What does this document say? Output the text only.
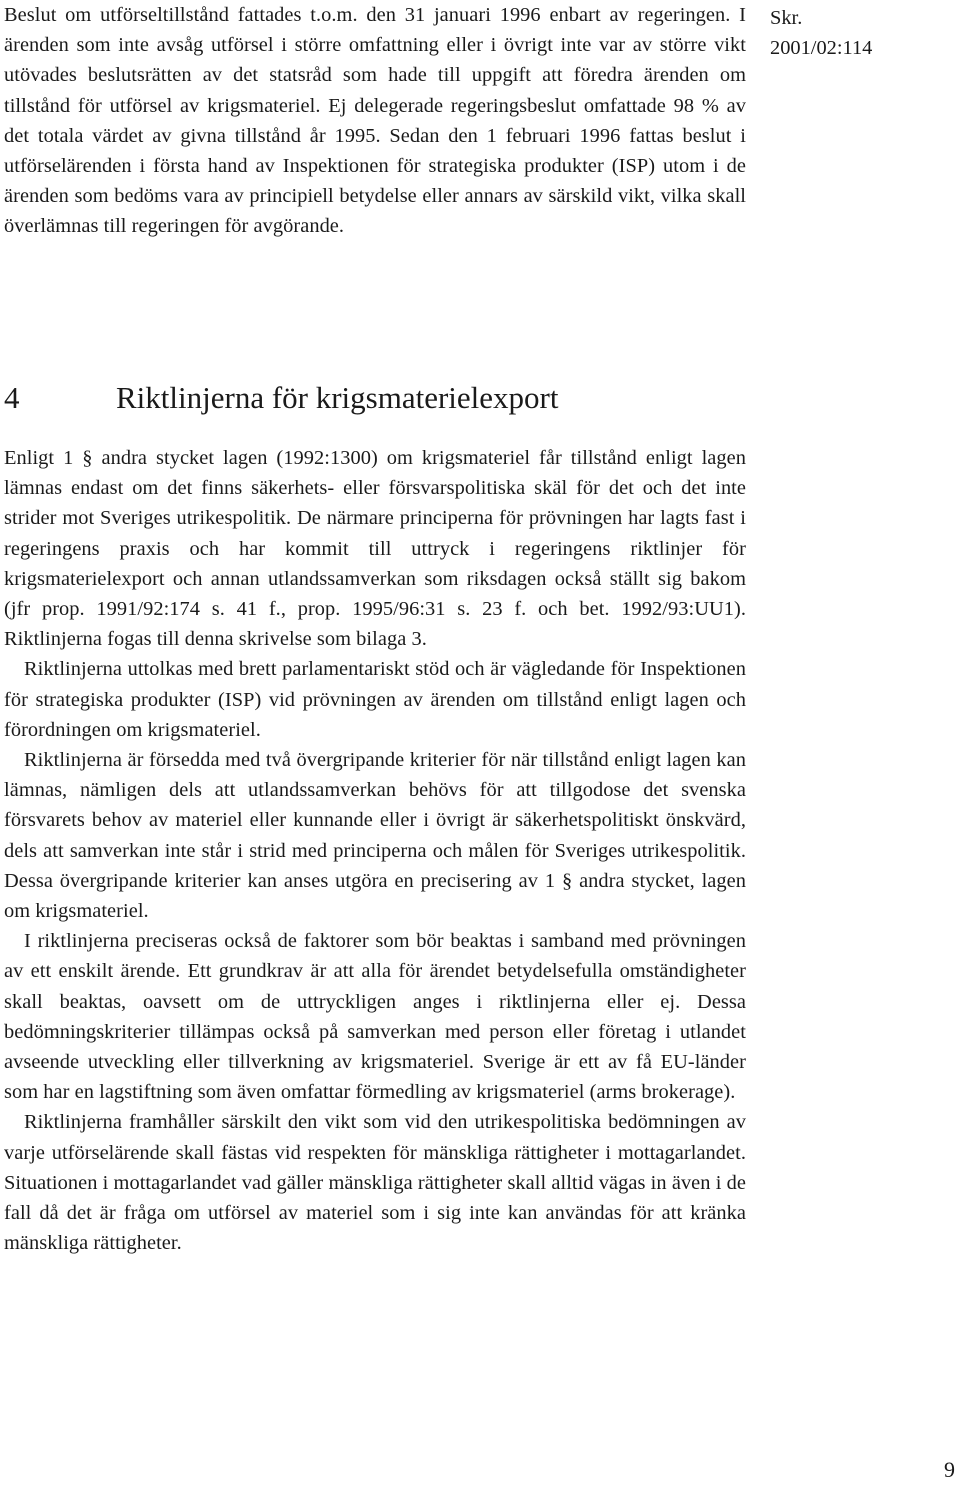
Skr.
2001/02:114

Beslut om utförseltillstånd fattades t.o.m. den 31 januari 1996 enbart av regeringen. I ärenden som inte avsåg utförsel i större omfattning eller i övrigt inte var av större vikt utövades beslutsrätten av det statsråd som hade till uppgift att föredra ärenden om tillstånd för utförsel av krigsmateriel. Ej delegerade regeringsbeslut omfattade 98 % av det totala värdet av givna tillstånd år 1995. Sedan den 1 februari 1996 fattas beslut i utförselärenden i första hand av Inspektionen för strategiska produkter (ISP) utom i de ärenden som bedöms vara av principiell betydelse eller annars av särskild vikt, vilka skall överlämnas till regeringen för avgörande.

4	Riktlinjerna för krigsmaterielexport

Enligt 1 § andra stycket lagen (1992:1300) om krigsmateriel får tillstånd enligt lagen lämnas endast om det finns säkerhets- eller försvarspolitiska skäl för det och det inte strider mot Sveriges utrikespolitik. De närmare principerna för prövningen har lagts fast i regeringens praxis och har kommit till uttryck i regeringens riktlinjer för krigsmaterielexport och annan utlandssamverkan som riksdagen också ställt sig bakom (jfr prop. 1991/92:174 s. 41 f., prop. 1995/96:31 s. 23 f. och bet. 1992/93:UU1). Riktlinjerna fogas till denna skrivelse som bilaga 3.

Riktlinjerna uttolkas med brett parlamentariskt stöd och är vägledande för Inspektionen för strategiska produkter (ISP) vid prövningen av ärenden om tillstånd enligt lagen och förordningen om krigsmateriel.

Riktlinjerna är försedda med två övergripande kriterier för när tillstånd enligt lagen kan lämnas, nämligen dels att utlandssamverkan behövs för att tillgodose det svenska försvarets behov av materiel eller kunnande eller i övrigt är säkerhetspolitiskt önskvärd, dels att samverkan inte står i strid med principerna och målen för Sveriges utrikespolitik. Dessa övergripande kriterier kan anses utgöra en precisering av 1 § andra stycket, lagen om krigsmateriel.

I riktlinjerna preciseras också de faktorer som bör beaktas i samband med prövningen av ett enskilt ärende. Ett grundkrav är att alla för ärendet betydelsefulla omständigheter skall beaktas, oavsett om de uttryckligen anges i riktlinjerna eller ej. Dessa bedömningskriterier tillämpas också på samverkan med person eller företag i utlandet avseende utveckling eller tillverkning av krigsmateriel. Sverige är ett av få EU-länder som har en lagstiftning som även omfattar förmedling av krigsmateriel (arms brokerage).

Riktlinjerna framhåller särskilt den vikt som vid den utrikespolitiska bedömningen av varje utförselärende skall fästas vid respekten för mänskliga rättigheter i mottagarlandet. Situationen i mottagarlandet vad gäller mänskliga rättigheter skall alltid vägas in även i de fall då det är fråga om utförsel av materiel som i sig inte kan användas för att kränka mänskliga rättigheter.

9
